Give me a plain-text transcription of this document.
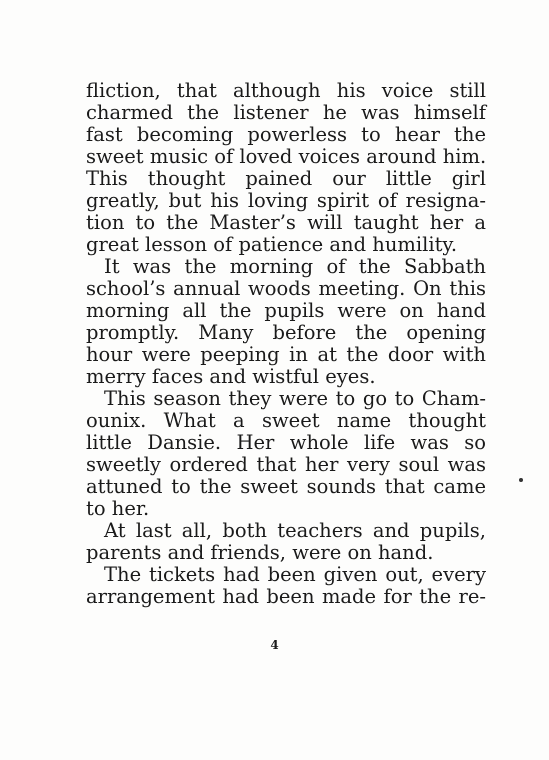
fliction, that although his voice still
charmed the listener he was himself
fast becoming powerless to hear the
sweet music of loved voices around him.
This thought pained our little girl
greatly, but his loving spirit of resigna-
tion to the Master’s will taught her a
great lesson of patience and humility.
It was the morning of the Sabbath
school’s annual woods meeting. On this
morning all the pupils were on hand
promptly. Many before the opening
hour were peeping in at the door with
merry faces and wistful eyes.
This season they were to go to Cham-
ounix. What a sweet name thought
little Dansie. Her whole life was so
sweetly ordered that her very soul was
attuned to the sweet sounds that came
to her.
At last all, both teachers and pupils,
parents and friends, were on hand.
The tickets had been given out, every
arrangement had been made for the re-
4
